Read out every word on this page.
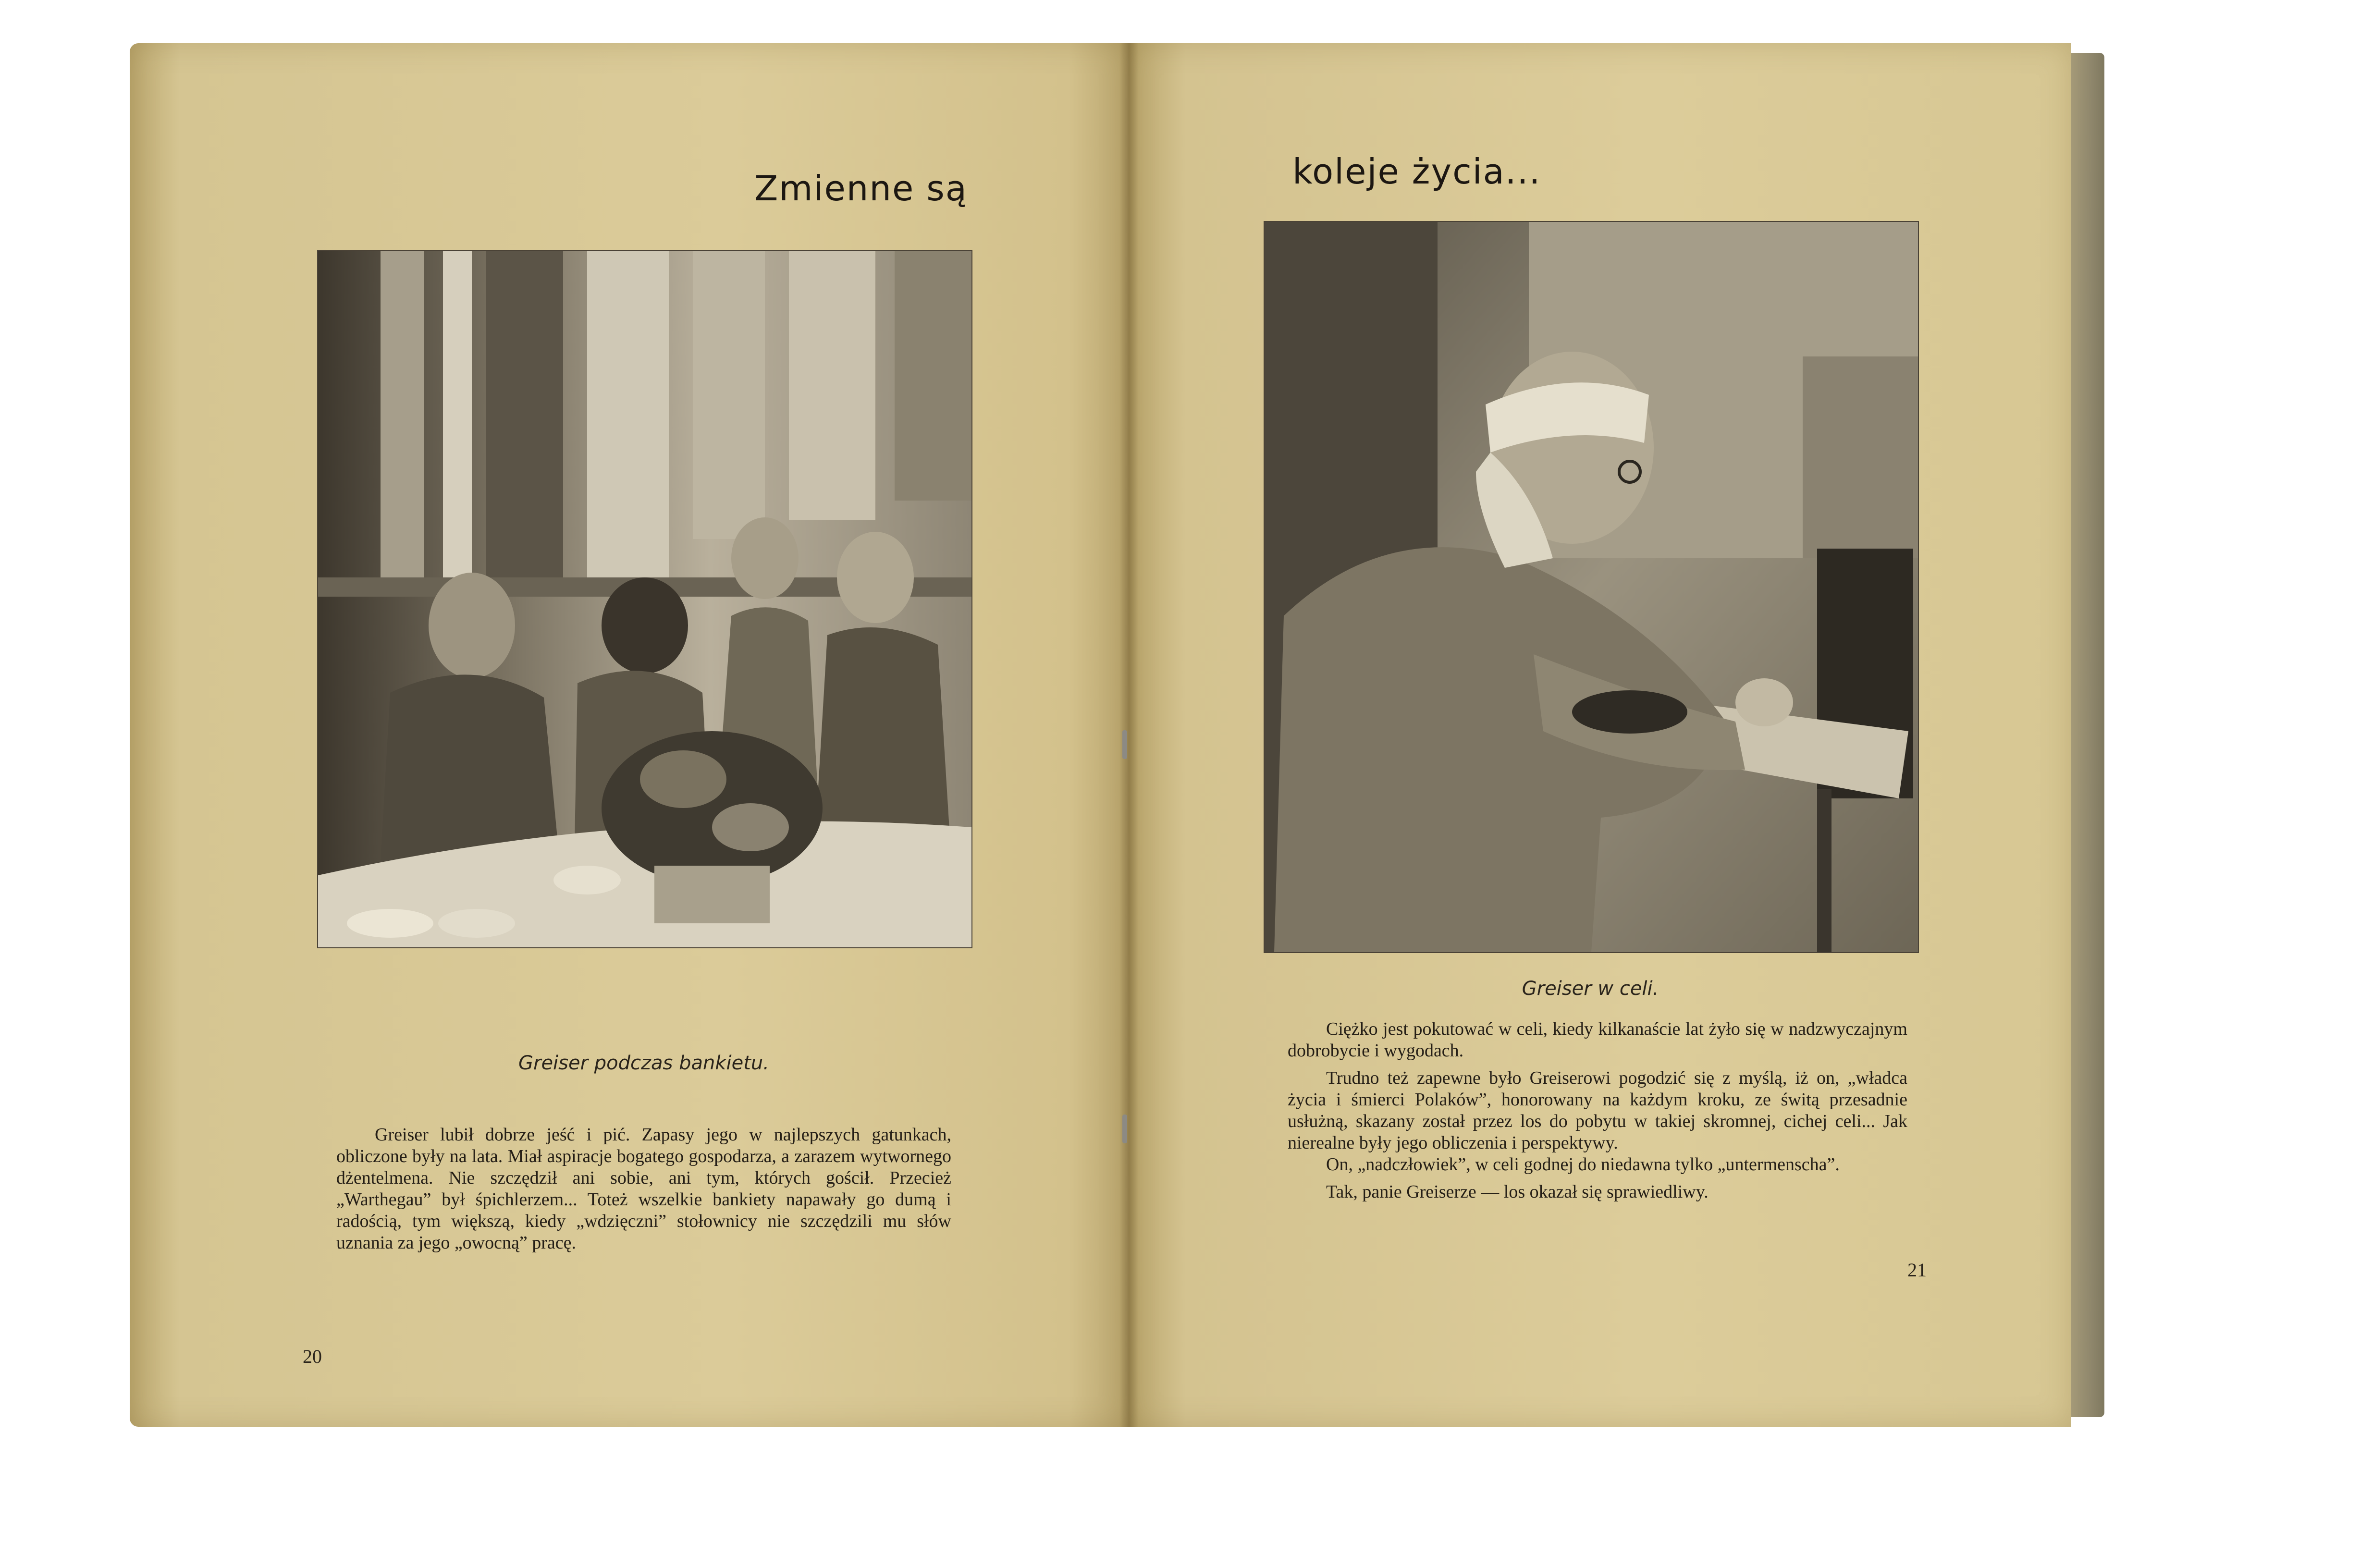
Zmienne są
Greiser podczas bankietu.
Greiser lubił dobrze jeść i pić. Zapasy jego w najlepszych gatunkach, obliczone były na lata. Miał aspiracje bogatego gospodarza, a zarazem wytwornego dżentelmena. Nie szczędził ani sobie, ani tym, których gościł. Przecież „Warthegau” był śpichlerzem... Toteż wszelkie bankiety napawały go dumą i radością, tym większą, kiedy „wdzięczni” stołownicy nie szczędzili mu słów uznania za jego „owocną” pracę.
20
koleje życia...
Greiser w celi.

Ciężko jest pokutować w celi, kiedy kilkanaście lat żyło się w nadzwyczajnym dobrobycie i wygodach.

Trudno też zapewne było Greiserowi pogodzić się z myślą, iż on, „władca życia i śmierci Polaków”, honorowany na każdym kroku, ze świtą przesadnie usłużną, skazany został przez los do pobytu w takiej skromnej, cichej celi... Jak nierealne były jego obliczenia i perspektywy.

On, „nadczłowiek”, w celi godnej do niedawna tylko „untermenscha”.

Tak, panie Greiserze — los okazał się sprawiedliwy.

21
